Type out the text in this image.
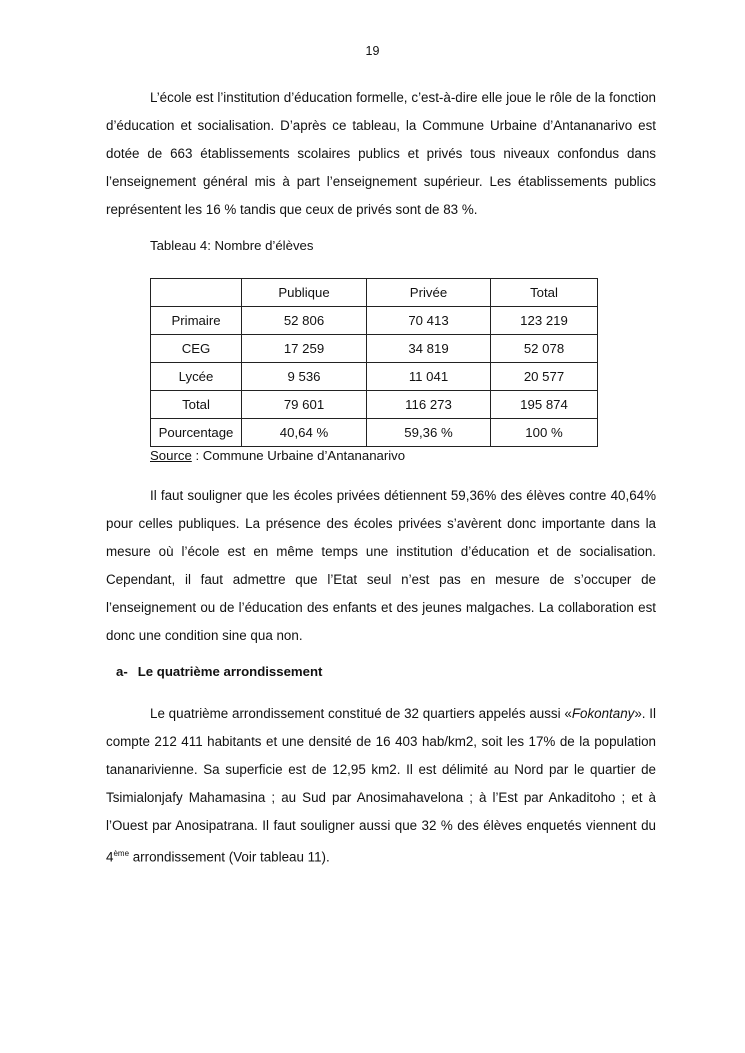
19

L’école est l’institution d’éducation formelle, c’est-à-dire elle joue le rôle de la fonction d’éducation et socialisation. D’après ce tableau, la Commune Urbaine d’Antananarivo est dotée de 663 établissements scolaires publics et privés tous niveaux confondus dans l’enseignement général mis à part l’enseignement supérieur. Les établissements publics représentent les 16 % tandis que ceux de privés sont de 83 %.

Tableau 4: Nombre d’élèves
	Publique	Privée	Total
Primaire	52 806	70 413	123 219
CEG	17 259	34 819	52 078
Lycée	9 536	11 041	20 577
Total	79 601	116 273	195 874
Pourcentage	40,64 %	59,36 %	100 %
Source : Commune Urbaine d’Antananarivo

Il faut souligner que les écoles privées détiennent 59,36% des élèves contre 40,64% pour celles publiques. La présence des écoles privées s’avèrent donc importante dans la mesure où l’école est en même temps une institution d’éducation et de socialisation. Cependant, il faut admettre que l’Etat seul n’est pas en mesure de s’occuper de l’enseignement ou de l’éducation des enfants et des jeunes malgaches. La collaboration est donc une condition sine qua non.

a- Le quatrième arrondissement

Le quatrième arrondissement constitué de 32 quartiers appelés aussi «Fokontany». Il compte 212 411 habitants et une densité de 16 403 hab/km2, soit les 17% de la population tananarivienne. Sa superficie est de 12,95 km2. Il est délimité au Nord par le quartier de Tsimialonjafy Mahamasina ; au Sud par Anosimahavelona ; à l’Est par Ankaditoho ; et à l’Ouest par Anosipatrana. Il faut souligner aussi que 32 % des élèves enquetés viennent du 4ème arrondissement (Voir tableau 11).
